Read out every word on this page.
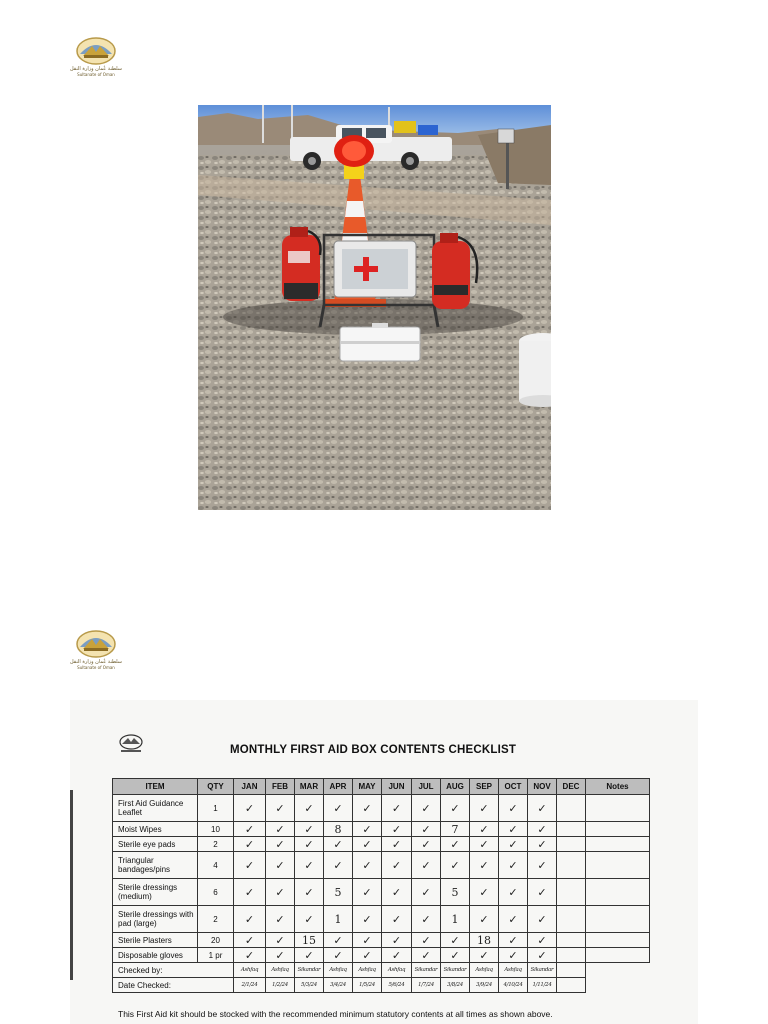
سلطنة عُمان وزارة النقل
Sultanate of Oman
سلطنة عُمان وزارة النقل
Sultanate of Oman
MONTHLY FIRST AID BOX CONTENTS CHECKLIST
ITEM	QTY	JAN	FEB	MAR	APR	MAY	JUN	JUL	AUG	SEP	OCT	NOV	DEC	Notes
First Aid Guidance Leaflet	1	✓	✓	✓	✓	✓	✓	✓	✓	✓	✓	✓		
Moist Wipes	10	✓	✓	✓	8	✓	✓	✓	7	✓	✓	✓		
Sterile eye pads	2	✓	✓	✓	✓	✓	✓	✓	✓	✓	✓	✓		
Triangular bandages/pins	4	✓	✓	✓	✓	✓	✓	✓	✓	✓	✓	✓		
Sterile dressings (medium)	6	✓	✓	✓	5	✓	✓	✓	5	✓	✓	✓		
Sterile dressings with pad (large)	2	✓	✓	✓	1	✓	✓	✓	1	✓	✓	✓		
Sterile Plasters	20	✓	✓	15	✓	✓	✓	✓	✓	18	✓	✓		
Disposable gloves	1 pr	✓	✓	✓	✓	✓	✓	✓	✓	✓	✓	✓		
Checked by:		Ashfaq	Ashfaq	Sikandar	Ashfaq	Ashfaq	Ashfaq	Sikandar	Sikandar	Ashfaq	Ashfaq	Sikandar		
Date Checked:		2/1/24	1/2/24	5/3/24	3/4/24	1/5/24	5/6/24	1/7/24	3/8/24	3/9/24	4/10/24	1/11/24		
This First Aid kit should be stocked with the recommended minimum statutory contents at all times as shown above.
